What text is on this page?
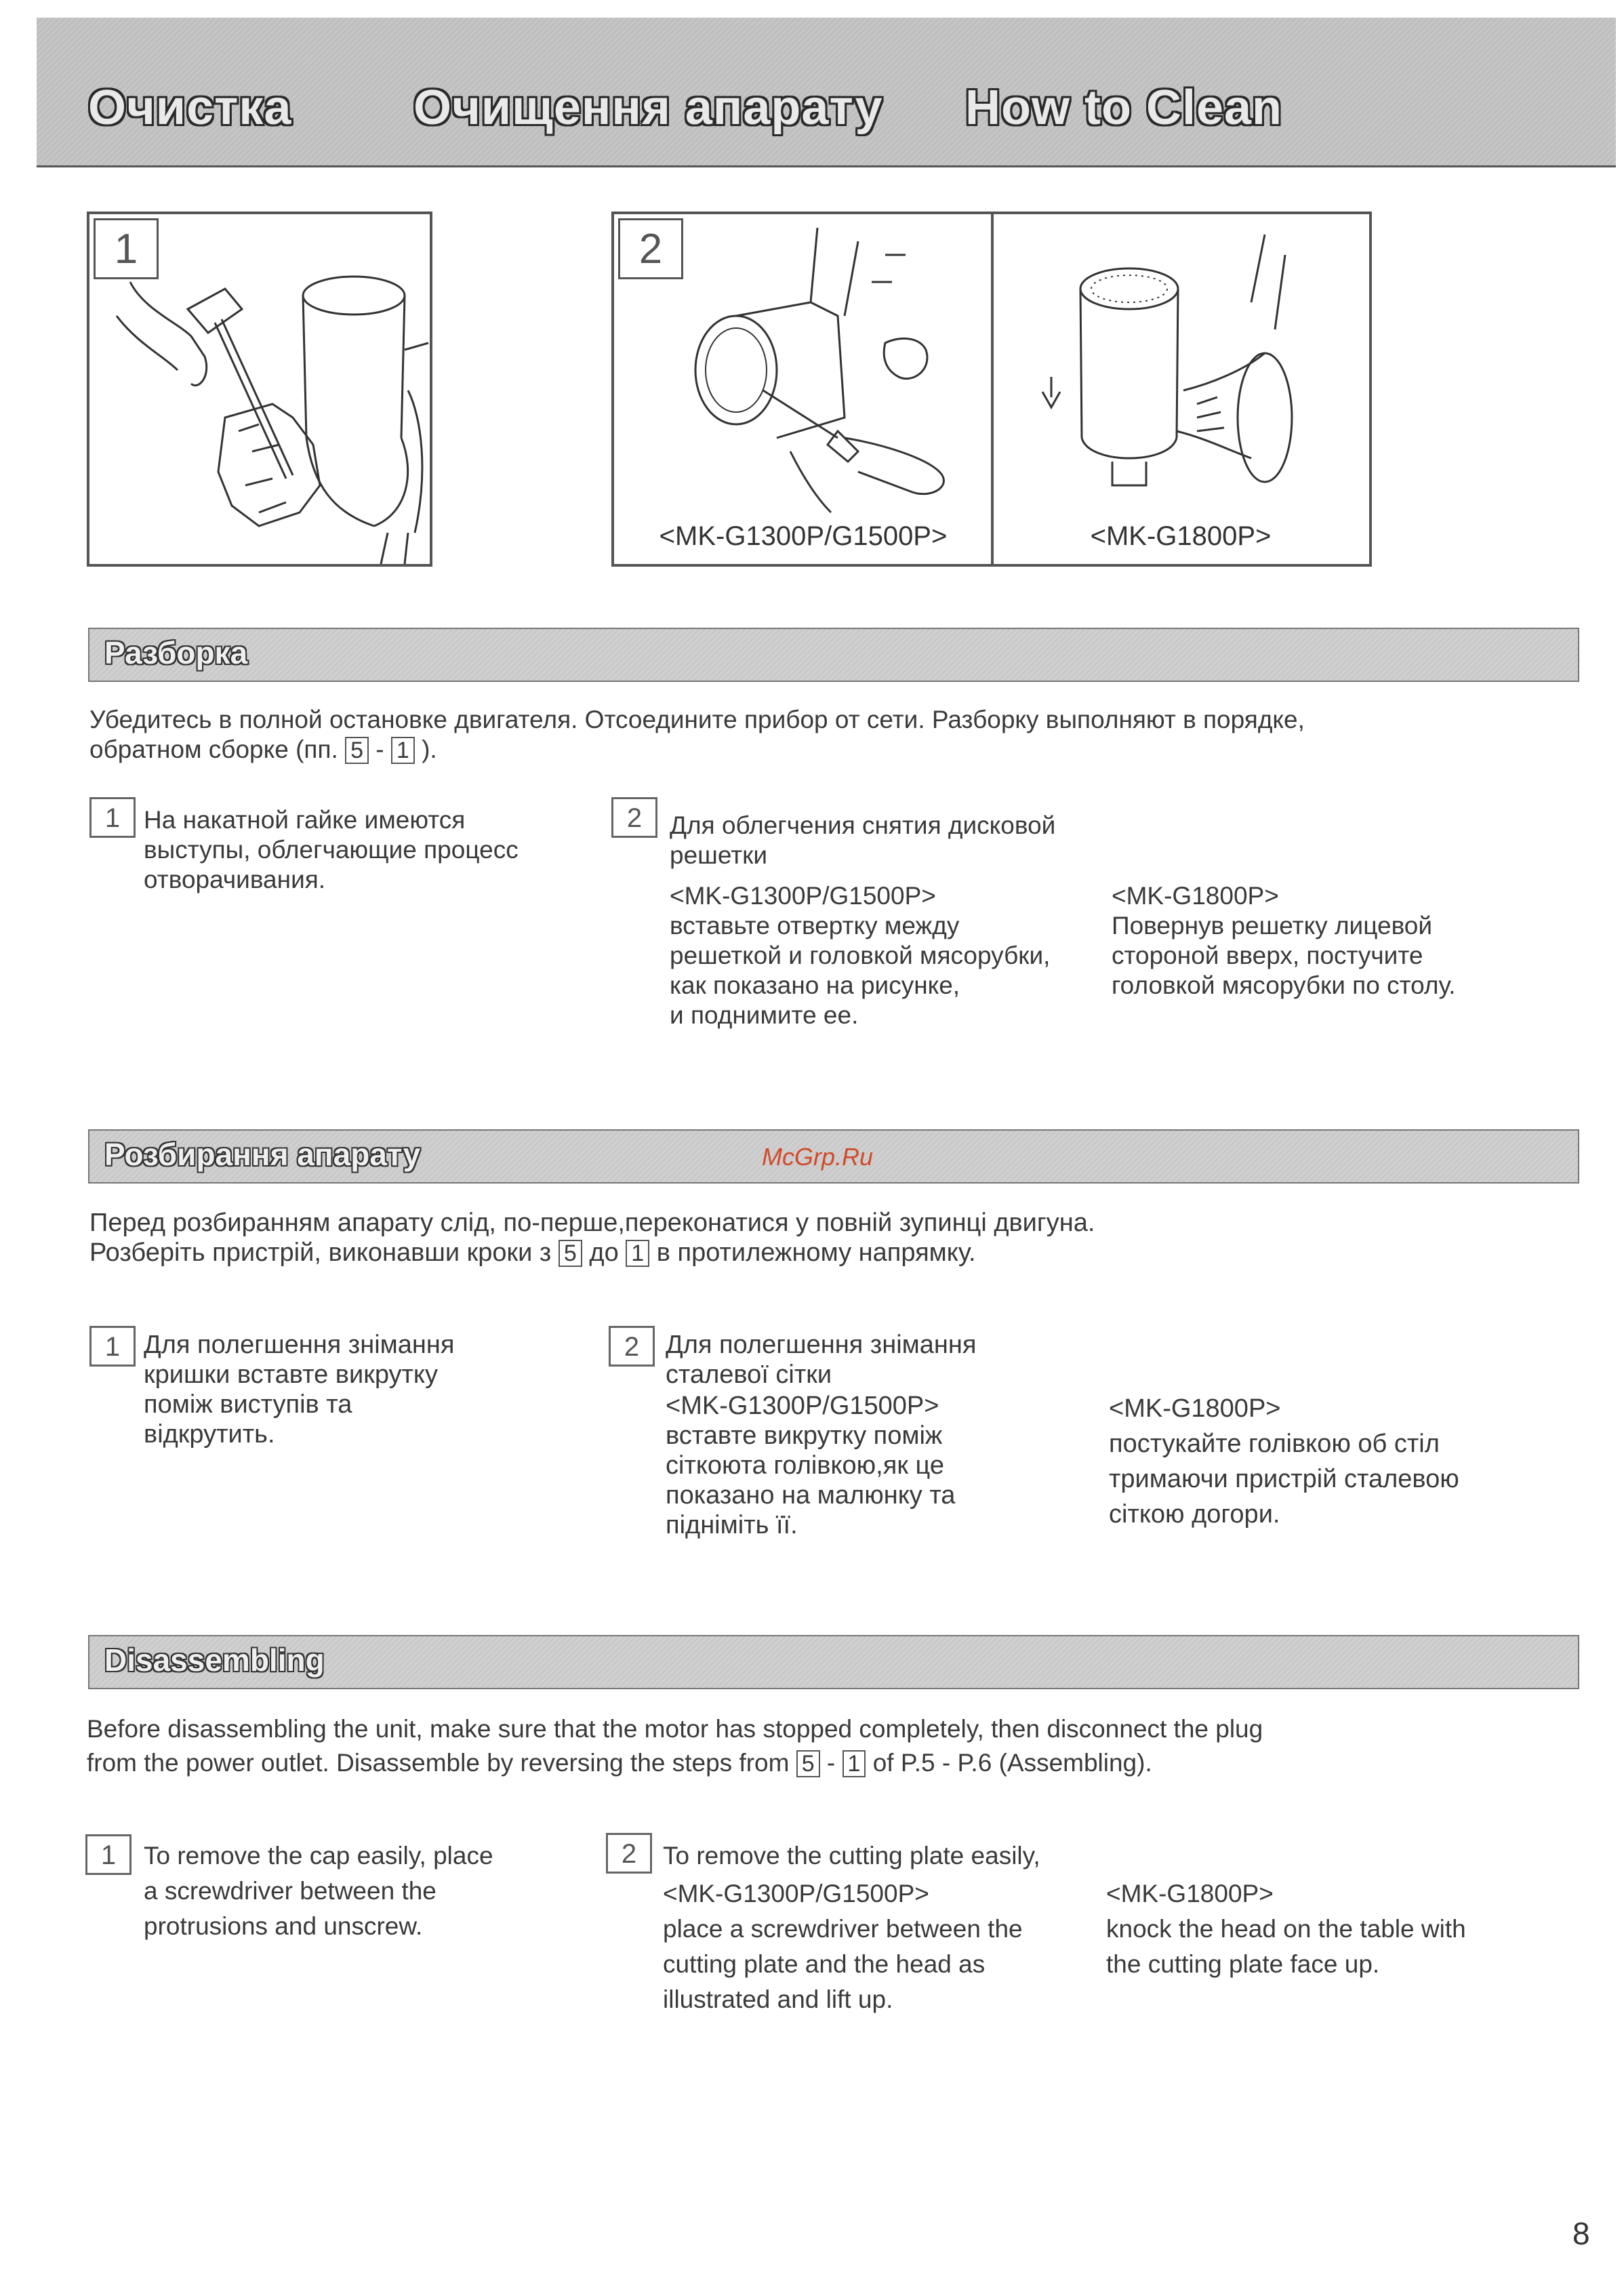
Очистка Очищення апарату How to Clean
1	2
<MK-G1300P/G1500P>	<MK-G1800P>
Разборка
Убедитесь в полной остановке двигателя. Отсоедините прибор от сети. Разборку выполняют в порядке,
обратном сборке (пп. 5 - 1 ).
1 На накатной гайке имеются
выступы, облегчающие процесс
отворачивания.
2	Для облегчения снятия дисковой
решетки
<MK-G1300P/G1500P>
вставьте отвертку между
решеткой и головкой мясорубки,
как показано на рисунке,
и поднимите ее.
<MK-G1800P>
Повернув решетку лицевой
стороной вверх, постучите
головкой мясорубки по столу.
Розбирання апарату	McGrp.Ru
Перед розбиранням апарату слід, по-перше,переконатися у повній зупинці двигуна.
Розберіть пристрій, виконавши кроки з 5 до 1 в протилежному напрямку.
1 Для полегшення знімання
кришки вставте викрутку
поміж виступів та
відкрутить.
2	Для полегшення знімання
сталевої сітки
<MK-G1300P/G1500P>
вставте викрутку поміж
сіткоюта голівкою,як це
показано на малюнку та
підніміть її.
<MK-G1800P>
постукайте голівкою об стіл
тримаючи пристрій сталевою
сіткою догори.
Disassembling
Before disassembling the unit, make sure that the motor has stopped completely, then disconnect the plug
from the power outlet. Disassemble by reversing the steps from 5 - 1 of P.5 - P.6 (Assembling).
1	To remove the cap easily, place
a screwdriver between the
protrusions and unscrew.
2	To remove the cutting plate easily,
<MK-G1300P/G1500P>
place a screwdriver between the
cutting plate and the head as
illustrated and lift up.
<MK-G1800P>
knock the head on the table with
the cutting plate face up.
8
